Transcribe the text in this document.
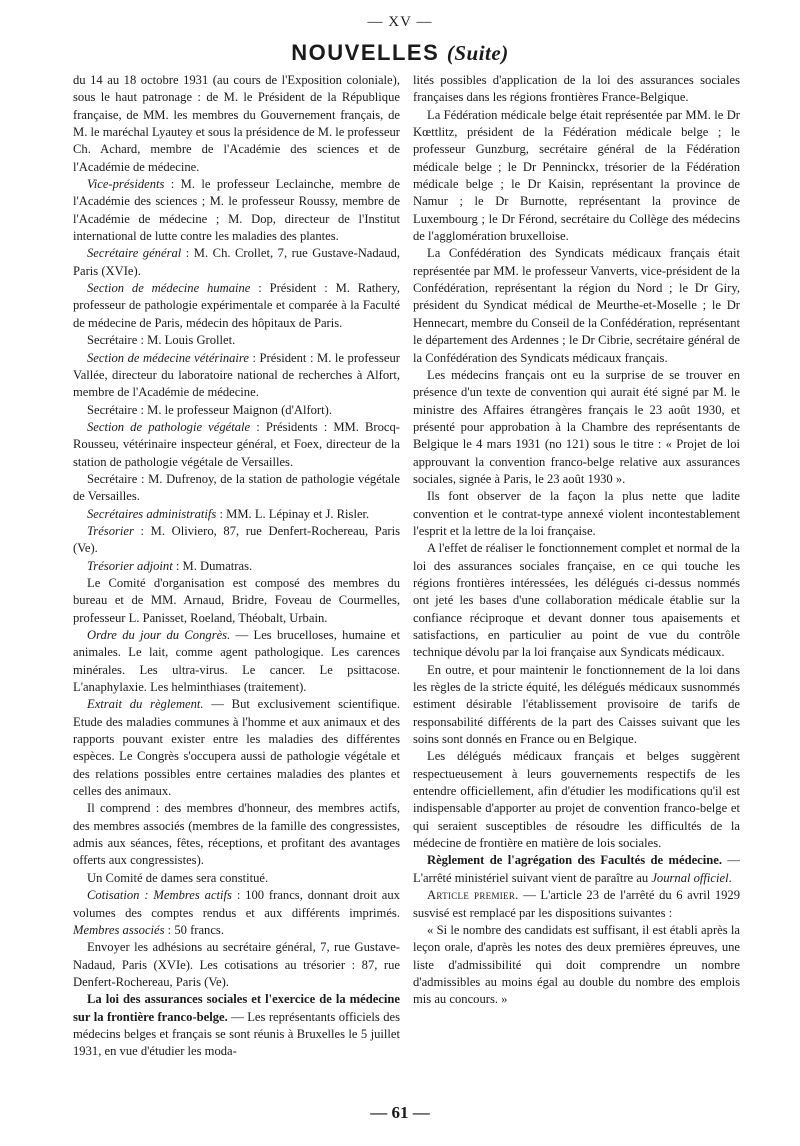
— XV —
NOUVELLES (Suite)

du 14 au 18 octobre 1931 (au cours de l'Exposition coloniale), sous le haut patronage : de M. le Président de la République française, de MM. les membres du Gouvernement français, de M. le maréchal Lyautey et sous la présidence de M. le professeur Ch. Achard, membre de l'Académie des sciences et de l'Académie de médecine.

Vice-présidents : M. le professeur Leclainche, membre de l'Académie des sciences ; M. le professeur Roussy, membre de l'Académie de médecine ; M. Dop, directeur de l'Institut international de lutte contre les maladies des plantes.

Secrétaire général : M. Ch. Crollet, 7, rue Gustave-Nadaud, Paris (XVIe).

Section de médecine humaine : Président : M. Rathery, professeur de pathologie expérimentale et comparée à la Faculté de médecine de Paris, médecin des hôpitaux de Paris.

Secrétaire : M. Louis Grollet.

Section de médecine vétérinaire : Président : M. le professeur Vallée, directeur du laboratoire national de recherches à Alfort, membre de l'Académie de médecine.

Secrétaire : M. le professeur Maignon (d'Alfort).

Section de pathologie végétale : Présidents : MM. Brocq-Rousseu, vétérinaire inspecteur général, et Foex, directeur de la station de pathologie végétale de Versailles.

Secrétaire : M. Dufrenoy, de la station de pathologie végétale de Versailles.

Secrétaires administratifs : MM. L. Lépinay et J. Risler.

Trésorier : M. Oliviero, 87, rue Denfert-Rochereau, Paris (Ve).

Trésorier adjoint : M. Dumatras.

Le Comité d'organisation est composé des membres du bureau et de MM. Arnaud, Bridre, Foveau de Courmelles, professeur L. Panisset, Roeland, Théobalt, Urbain.

Ordre du jour du Congrès. — Les brucelloses, humaine et animales. Le lait, comme agent pathologique. Les carences minérales. Les ultra-virus. Le cancer. Le psittacose. L'anaphylaxie. Les helminthiases (traitement).

Extrait du règlement. — But exclusivement scientifique. Etude des maladies communes à l'homme et aux animaux et des rapports pouvant exister entre les maladies des différentes espèces. Le Congrès s'occupera aussi de pathologie végétale et des relations possibles entre certaines maladies des plantes et celles des animaux.

Il comprend : des membres d'honneur, des membres actifs, des membres associés (membres de la famille des congressistes, admis aux séances, fêtes, réceptions, et profitant des avantages offerts aux congressistes).

Un Comité de dames sera constitué.

Cotisation : Membres actifs : 100 francs, donnant droit aux volumes des comptes rendus et aux différents imprimés. Membres associés : 50 francs.

Envoyer les adhésions au secrétaire général, 7, rue Gustave-Nadaud, Paris (XVIe). Les cotisations au trésorier : 87, rue Denfert-Rochereau, Paris (Ve).

La loi des assurances sociales et l'exercice de la médecine sur la frontière franco-belge. — Les représentants officiels des médecins belges et français se sont réunis à Bruxelles le 5 juillet 1931, en vue d'étudier les moda-

lités possibles d'application de la loi des assurances sociales françaises dans les régions frontières France-Belgique.

La Fédération médicale belge était représentée par MM. le Dr Kœttlitz, président de la Fédération médicale belge ; le professeur Gunzburg, secrétaire général de la Fédération médicale belge ; le Dr Penninckx, trésorier de la Fédération médicale belge ; le Dr Kaisin, représentant la province de Namur ; le Dr Burnotte, représentant la province de Luxembourg ; le Dr Férond, secrétaire du Collège des médecins de l'agglomération bruxelloise.

La Confédération des Syndicats médicaux français était représentée par MM. le professeur Vanverts, vice-président de la Confédération, représentant la région du Nord ; le Dr Giry, président du Syndicat médical de Meurthe-et-Moselle ; le Dr Hennecart, membre du Conseil de la Confédération, représentant le département des Ardennes ; le Dr Cibrie, secrétaire général de la Confédération des Syndicats médicaux français.

Les médecins français ont eu la surprise de se trouver en présence d'un texte de convention qui aurait été signé par M. le ministre des Affaires étrangères français le 23 août 1930, et présenté pour approbation à la Chambre des représentants de Belgique le 4 mars 1931 (no 121) sous le titre : « Projet de loi approuvant la convention franco-belge relative aux assurances sociales, signée à Paris, le 23 août 1930 ».

Ils font observer de la façon la plus nette que ladite convention et le contrat-type annexé violent incontestablement l'esprit et la lettre de la loi française.

A l'effet de réaliser le fonctionnement complet et normal de la loi des assurances sociales française, en ce qui touche les régions frontières intéressées, les délégués ci-dessus nommés ont jeté les bases d'une collaboration médicale établie sur la confiance réciproque et devant donner tous apaisements et satisfactions, en particulier au point de vue du contrôle technique dévolu par la loi française aux Syndicats médicaux.

En outre, et pour maintenir le fonctionnement de la loi dans les règles de la stricte équité, les délégués médicaux susnommés estiment désirable l'établissement provisoire de tarifs de responsabilité différents de la part des Caisses suivant que les soins sont donnés en France ou en Belgique.

Les délégués médicaux français et belges suggèrent respectueusement à leurs gouvernements respectifs de les entendre officiellement, afin d'étudier les modifications qu'il est indispensable d'apporter au projet de convention franco-belge et qui seraient susceptibles de résoudre les difficultés de la médecine de frontière en matière de lois sociales.

Règlement de l'agrégation des Facultés de médecine. — L'arrêté ministériel suivant vient de paraître au Journal officiel.

Article premier. — L'article 23 de l'arrêté du 6 avril 1929 susvisé est remplacé par les dispositions suivantes :

« Si le nombre des candidats est suffisant, il est établi après la leçon orale, d'après les notes des deux premières épreuves, une liste d'admissibilité qui doit comprendre un nombre d'admissibles au moins égal au double du nombre des emplois mis au concours. »

— 61 —
